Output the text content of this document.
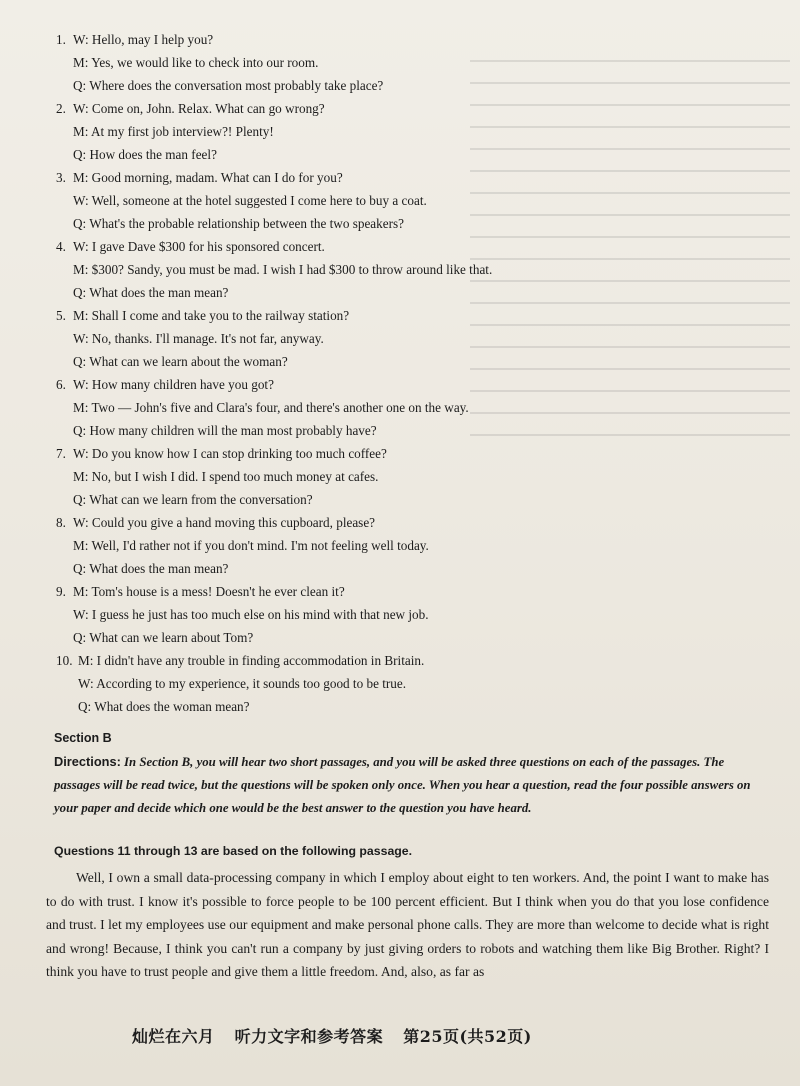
1. W: Hello, may I help you?
M: Yes, we would like to check into our room.
Q: Where does the conversation most probably take place?
2. W: Come on, John. Relax. What can go wrong?
M: At my first job interview?! Plenty!
Q: How does the man feel?
3. M: Good morning, madam. What can I do for you?
W: Well, someone at the hotel suggested I come here to buy a coat.
Q: What's the probable relationship between the two speakers?
4. W: I gave Dave $300 for his sponsored concert.
M: $300? Sandy, you must be mad. I wish I had $300 to throw around like that.
Q: What does the man mean?
5. M: Shall I come and take you to the railway station?
W: No, thanks. I'll manage. It's not far, anyway.
Q: What can we learn about the woman?
6. W: How many children have you got?
M: Two — John's five and Clara's four, and there's another one on the way.
Q: How many children will the man most probably have?
7. W: Do you know how I can stop drinking too much coffee?
M: No, but I wish I did. I spend too much money at cafes.
Q: What can we learn from the conversation?
8. W: Could you give a hand moving this cupboard, please?
M: Well, I'd rather not if you don't mind. I'm not feeling well today.
Q: What does the man mean?
9. M: Tom's house is a mess! Doesn't he ever clean it?
W: I guess he just has too much else on his mind with that new job.
Q: What can we learn about Tom?
10. M: I didn't have any trouble in finding accommodation in Britain.
W: According to my experience, it sounds too good to be true.
Q: What does the woman mean?
Section B
Directions: In Section B, you will hear two short passages, and you will be asked three questions on each of the passages. The passages will be read twice, but the questions will be spoken only once. When you hear a question, read the four possible answers on your paper and decide which one would be the best answer to the question you have heard.
Questions 11 through 13 are based on the following passage.
Well, I own a small data-processing company in which I employ about eight to ten workers. And, the point I want to make has to do with trust. I know it's possible to force people to be 100 percent efficient. But I think when you do that you lose confidence and trust. I let my employees use our equipment and make personal phone calls. They are more than welcome to decide what is right and wrong! Because, I think you can't run a company by just giving orders to robots and watching them like Big Brother. Right? I think you have to trust people and give them a little freedom. And, also, as far as
灿烂在六月 听力文字和参考答案 第25页(共52页)
